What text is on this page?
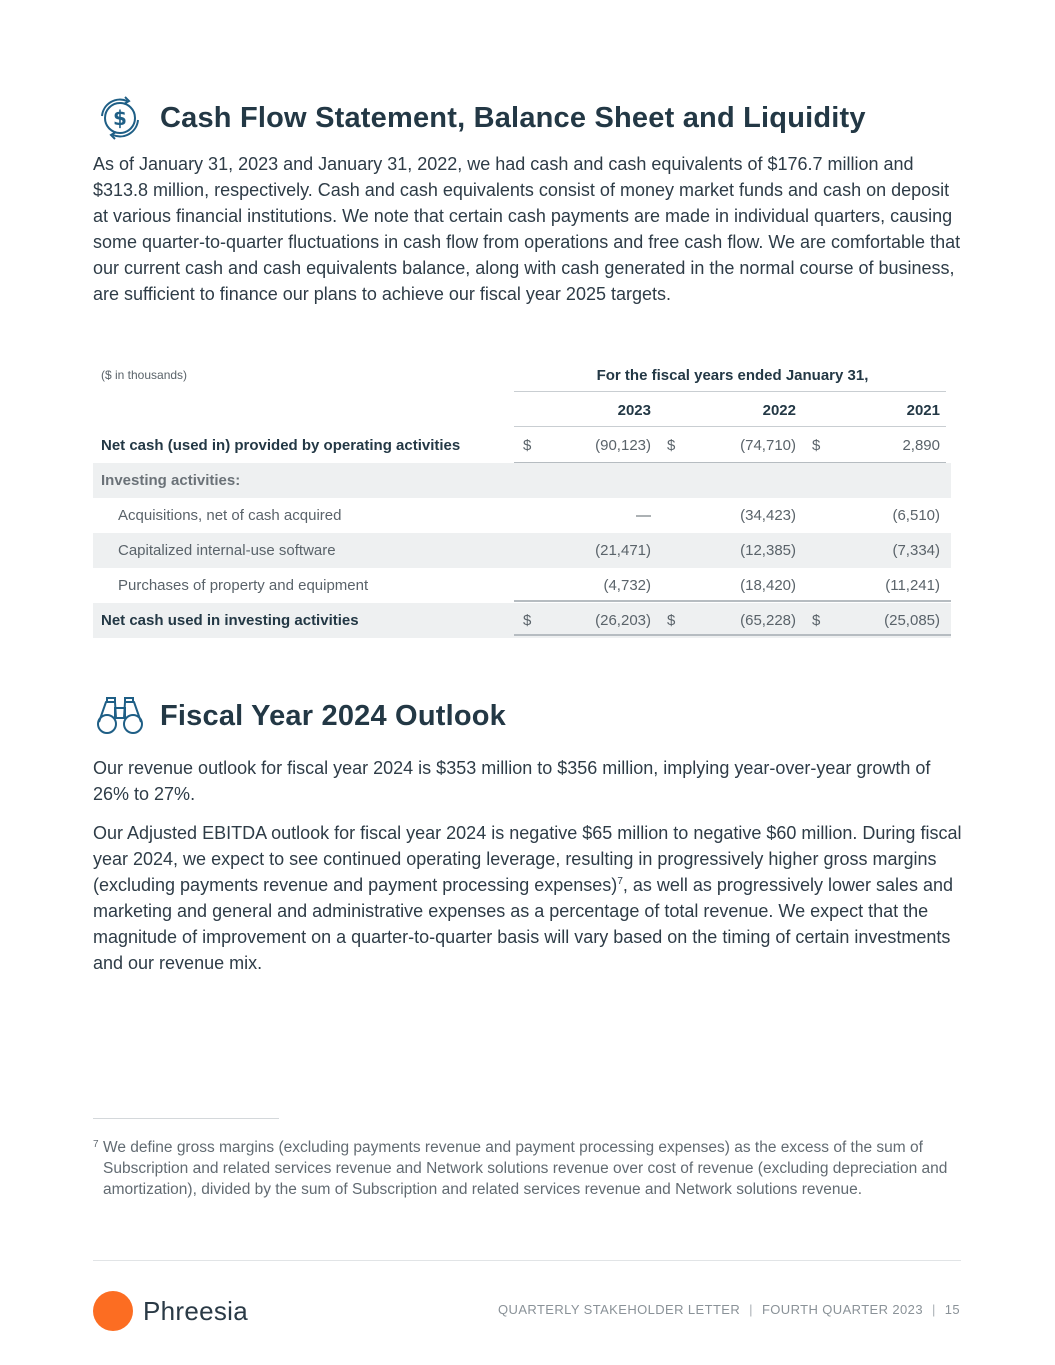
$ Cash Flow Statement, Balance Sheet and Liquidity

As of January 31, 2023 and January 31, 2022, we had cash and cash equivalents of $176.7 million and $313.8 million, respectively. Cash and cash equivalents consist of money market funds and cash on deposit at various financial institutions. We note that certain cash payments are made in individual quarters, causing some quarter-to-quarter fluctuations in cash flow from operations and free cash flow. We are comfortable that our current cash and cash equivalents balance, along with cash generated in the normal course of business, are sufficient to finance our plans to achieve our fiscal year 2025 targets.

($ in thousands)	For the fiscal years ended January 31,
2023	2022	2021
Net cash (used in) provided by operating activities	$	(90,123) $	(74,710) $	2,890
Investing activities:
Acquisitions, net of cash acquired	—	(34,423)	(6,510)
Capitalized internal-use software	(21,471)	(12,385)	(7,334)
Purchases of property and equipment	(4,732)	(18,420)	(11,241)
Net cash used in investing activities	$	(26,203) $	(65,228) $	(25,085)
Fiscal Year 2024 Outlook

Our revenue outlook for fiscal year 2024 is $353 million to $356 million, implying year-over-year growth of 26% to 27%.

Our Adjusted EBITDA outlook for fiscal year 2024 is negative $65 million to negative $60 million. During fiscal year 2024, we expect to see continued operating leverage, resulting in progressively higher gross margins (excluding payments revenue and payment processing expenses)$^7$, as well as progressively lower sales and marketing and general and administrative expenses as a percentage of total revenue. We expect that the magnitude of improvement on a quarter-to-quarter basis will vary based on the timing of certain investments and our revenue mix.

7 We define gross margins (excluding payments revenue and payment processing expenses) as the excess of the sum of Subscription and related services revenue and Network solutions revenue over cost of revenue (excluding depreciation and amortization), divided by the sum of Subscription and related services revenue and Network solutions revenue.
Phreesia	QUARTERLY STAKEHOLDER LETTER | FOURTH QUARTER 2023 | 15
